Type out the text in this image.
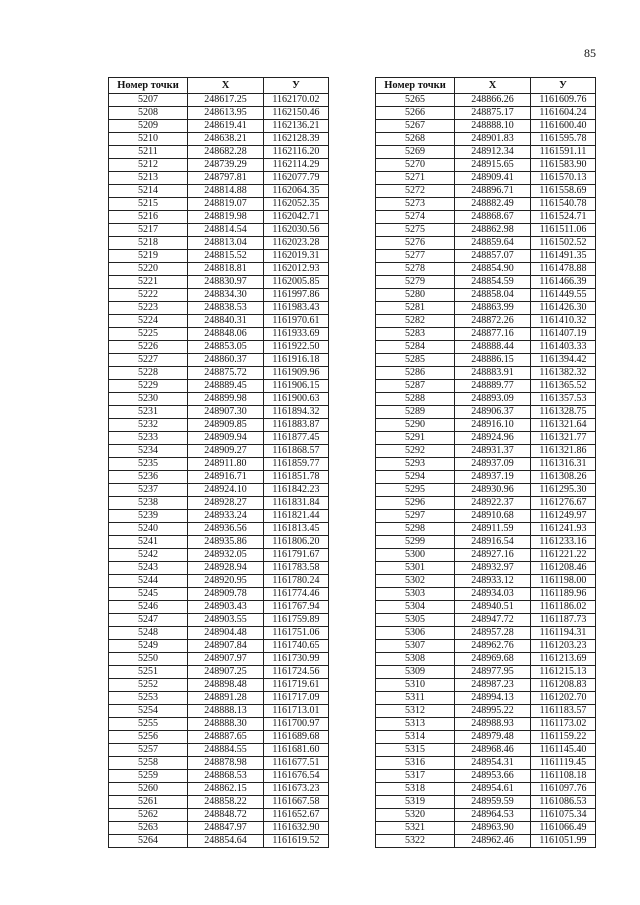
85
Номер точки	X	У
5207	248617.25	1162170.02
5208	248613.95	1162150.46
5209	248619.41	1162136.21
5210	248638.21	1162128.39
5211	248682.28	1162116.20
5212	248739.29	1162114.29
5213	248797.81	1162077.79
5214	248814.88	1162064.35
5215	248819.07	1162052.35
5216	248819.98	1162042.71
5217	248814.54	1162030.56
5218	248813.04	1162023.28
5219	248815.52	1162019.31
5220	248818.81	1162012.93
5221	248830.97	1162005.85
5222	248834.30	1161997.86
5223	248838.53	1161983.43
5224	248840.31	1161970.61
5225	248848.06	1161933.69
5226	248853.05	1161922.50
5227	248860.37	1161916.18
5228	248875.72	1161909.96
5229	248889.45	1161906.15
5230	248899.98	1161900.63
5231	248907.30	1161894.32
5232	248909.85	1161883.87
5233	248909.94	1161877.45
5234	248909.27	1161868.57
5235	248911.80	1161859.77
5236	248916.71	1161851.78
5237	248924.10	1161842.23
5238	248928.27	1161831.84
5239	248933.24	1161821.44
5240	248936.56	1161813.45
5241	248935.86	1161806.20
5242	248932.05	1161791.67
5243	248928.94	1161783.58
5244	248920.95	1161780.24
5245	248909.78	1161774.46
5246	248903.43	1161767.94
5247	248903.55	1161759.89
5248	248904.48	1161751.06
5249	248907.84	1161740.65
5250	248907.97	1161730.99
5251	248907.25	1161724.56
5252	248898.48	1161719.61
5253	248891.28	1161717.09
5254	248888.13	1161713.01
5255	248888.30	1161700.97
5256	248887.65	1161689.68
5257	248884.55	1161681.60
5258	248878.98	1161677.51
5259	248868.53	1161676.54
5260	248862.15	1161673.23
5261	248858.22	1161667.58
5262	248848.72	1161652.67
5263	248847.97	1161632.90
5264	248854.64	1161619.52
Номер точки	X	У
5265	248866.26	1161609.76
5266	248875.17	1161604.24
5267	248888.10	1161600.40
5268	248901.83	1161595.78
5269	248912.34	1161591.11
5270	248915.65	1161583.90
5271	248909.41	1161570.13
5272	248896.71	1161558.69
5273	248882.49	1161540.78
5274	248868.67	1161524.71
5275	248862.98	1161511.06
5276	248859.64	1161502.52
5277	248857.07	1161491.35
5278	248854.90	1161478.88
5279	248854.59	1161466.39
5280	248858.04	1161449.55
5281	248863.99	1161426.30
5282	248872.26	1161410.32
5283	248877.16	1161407.19
5284	248888.44	1161403.33
5285	248886.15	1161394.42
5286	248883.91	1161382.32
5287	248889.77	1161365.52
5288	248893.09	1161357.53
5289	248906.37	1161328.75
5290	248916.10	1161321.64
5291	248924.96	1161321.77
5292	248931.37	1161321.86
5293	248937.09	1161316.31
5294	248937.19	1161308.26
5295	248930.96	1161295.30
5296	248922.37	1161276.67
5297	248910.68	1161249.97
5298	248911.59	1161241.93
5299	248916.54	1161233.16
5300	248927.16	1161221.22
5301	248932.97	1161208.46
5302	248933.12	1161198.00
5303	248934.03	1161189.96
5304	248940.51	1161186.02
5305	248947.72	1161187.73
5306	248957.28	1161194.31
5307	248962.76	1161203.23
5308	248969.68	1161213.69
5309	248977.95	1161215.13
5310	248987.23	1161208.83
5311	248994.13	1161202.70
5312	248995.22	1161183.57
5313	248988.93	1161173.02
5314	248979.48	1161159.22
5315	248968.46	1161145.40
5316	248954.31	1161119.45
5317	248953.66	1161108.18
5318	248954.61	1161097.76
5319	248959.59	1161086.53
5320	248964.53	1161075.34
5321	248963.90	1161066.49
5322	248962.46	1161051.99
